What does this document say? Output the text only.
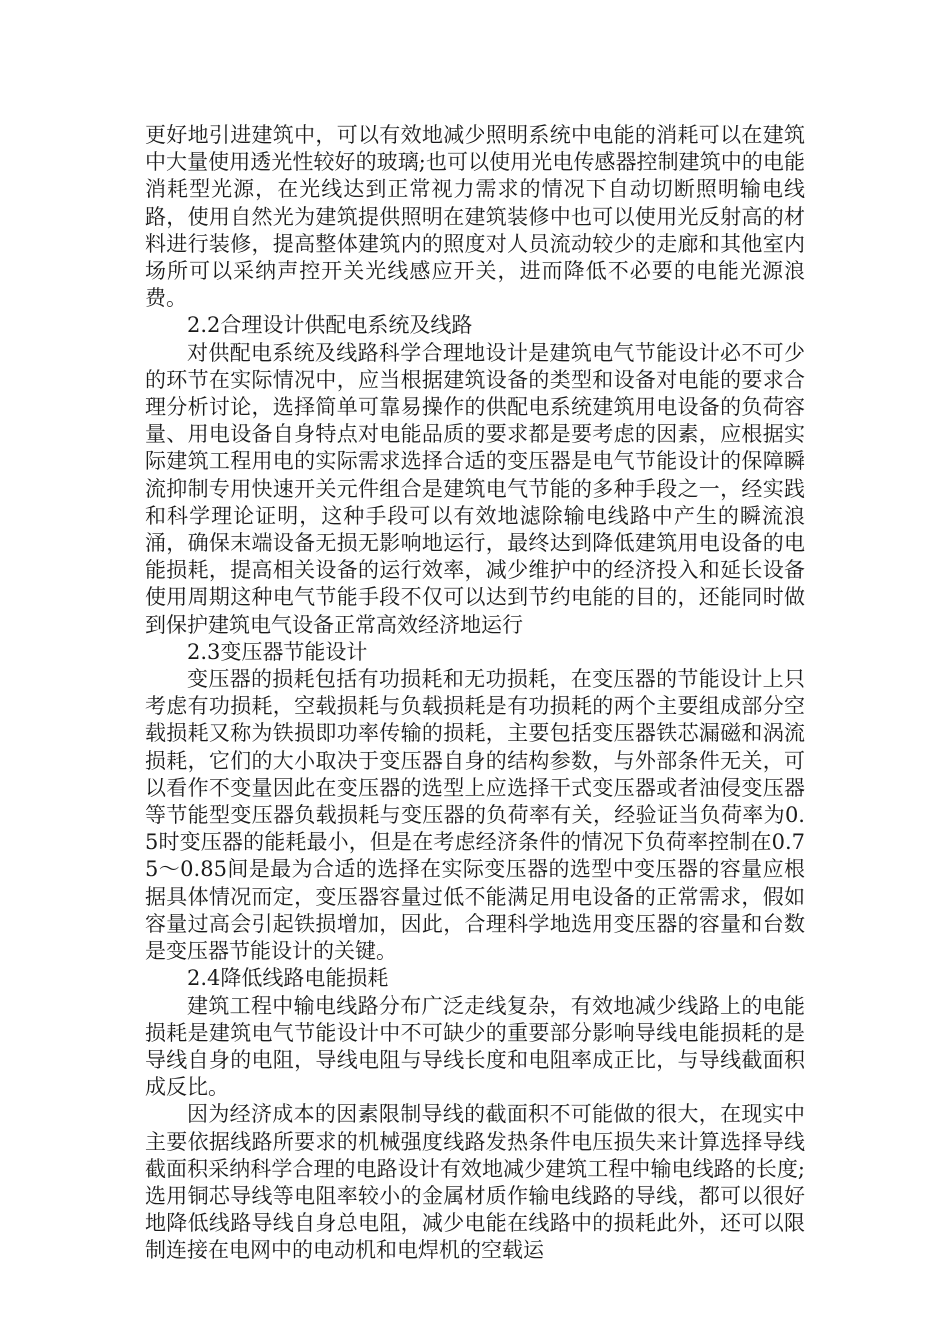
更好地引进建筑中，可以有效地减少照明系统中电能的消耗可以在建筑中大量使用透光性较好的玻璃;也可以使用光电传感器控制建筑中的电能消耗型光源，在光线达到正常视力需求的情况下自动切断照明输电线路，使用自然光为建筑提供照明在建筑装修中也可以使用光反射高的材料进行装修，提高整体建筑内的照度对人员流动较少的走廊和其他室内场所可以采纳声控开关光线感应开关，进而降低不必要的电能光源浪费。

2.2合理设计供配电系统及线路

对供配电系统及线路科学合理地设计是建筑电气节能设计必不可少的环节在实际情况中，应当根据建筑设备的类型和设备对电能的要求合理分析讨论，选择简单可靠易操作的供配电系统建筑用电设备的负荷容量、用电设备自身特点对电能品质的要求都是要考虑的因素，应根据实际建筑工程用电的实际需求选择合适的变压器是电气节能设计的保障瞬流抑制专用快速开关元件组合是建筑电气节能的多种手段之一，经实践和科学理论证明，这种手段可以有效地滤除输电线路中产生的瞬流浪涌，确保末端设备无损无影响地运行，最终达到降低建筑用电设备的电能损耗，提高相关设备的运行效率，减少维护中的经济投入和延长设备使用周期这种电气节能手段不仅可以达到节约电能的目的，还能同时做到保护建筑电气设备正常高效经济地运行

2.3变压器节能设计

变压器的损耗包括有功损耗和无功损耗，在变压器的节能设计上只考虑有功损耗，空载损耗与负载损耗是有功损耗的两个主要组成部分空载损耗又称为铁损即功率传输的损耗，主要包括变压器铁芯漏磁和涡流损耗，它们的大小取决于变压器自身的结构参数，与外部条件无关，可以看作不变量因此在变压器的选型上应选择干式变压器或者油侵变压器等节能型变压器负载损耗与变压器的负荷率有关，经验证当负荷率为0.5时变压器的能耗最小，但是在考虑经济条件的情况下负荷率控制在0.75～0.85间是最为合适的选择在实际变压器的选型中变压器的容量应根据具体情况而定，变压器容量过低不能满足用电设备的正常需求，假如容量过高会引起铁损增加，因此，合理科学地选用变压器的容量和台数是变压器节能设计的关键。

2.4降低线路电能损耗

建筑工程中输电线路分布广泛走线复杂，有效地减少线路上的电能损耗是建筑电气节能设计中不可缺少的重要部分影响导线电能损耗的是导线自身的电阻，导线电阻与导线长度和电阻率成正比，与导线截面积成反比。

因为经济成本的因素限制导线的截面积不可能做的很大，在现实中主要依据线路所要求的机械强度线路发热条件电压损失来计算选择导线截面积采纳科学合理的电路设计有效地减少建筑工程中输电线路的长度;选用铜芯导线等电阻率较小的金属材质作输电线路的导线，都可以很好地降低线路导线自身总电阻，减少电能在线路中的损耗此外，还可以限制连接在电网中的电动机和电焊机的空载运
